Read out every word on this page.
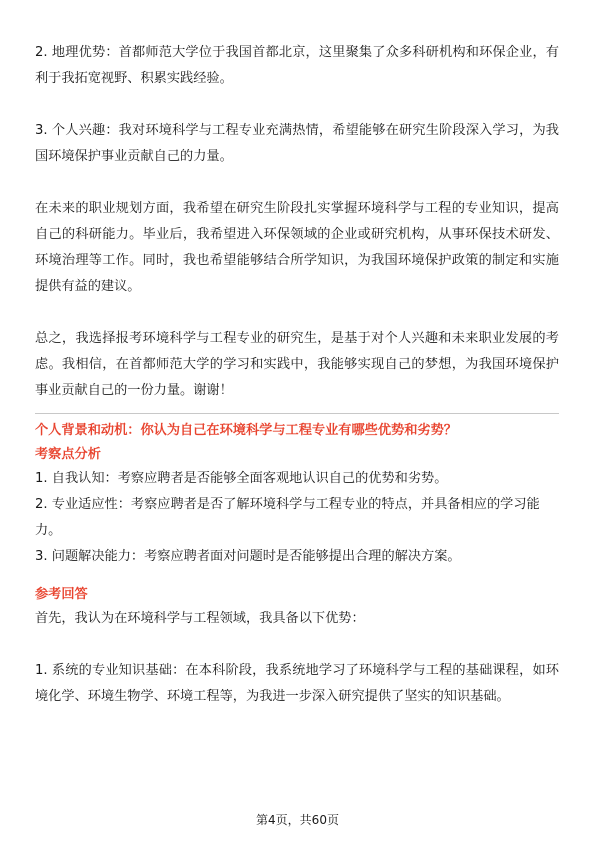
2. 地理优势：首都师范大学位于我国首都北京，这里聚集了众多科研机构和环保企业，有利于我拓宽视野、积累实践经验。

3. 个人兴趣：我对环境科学与工程专业充满热情，希望能够在研究生阶段深入学习，为我国环境保护事业贡献自己的力量。

在未来的职业规划方面，我希望在研究生阶段扎实掌握环境科学与工程的专业知识，提高自己的科研能力。毕业后，我希望进入环保领域的企业或研究机构，从事环保技术研发、环境治理等工作。同时，我也希望能够结合所学知识，为我国环境保护政策的制定和实施提供有益的建议。

总之，我选择报考环境科学与工程专业的研究生，是基于对个人兴趣和未来职业发展的考虑。我相信，在首都师范大学的学习和实践中，我能够实现自己的梦想，为我国环境保护事业贡献自己的一份力量。谢谢！

个人背景和动机：你认为自己在环境科学与工程专业有哪些优势和劣势？

考察点分析

1. 自我认知：考察应聘者是否能够全面客观地认识自己的优势和劣势。

2. 专业适应性：考察应聘者是否了解环境科学与工程专业的特点，并具备相应的学习能力。

3. 问题解决能力：考察应聘者面对问题时是否能够提出合理的解决方案。

参考回答

首先，我认为在环境科学与工程领域，我具备以下优势：

1. 系统的专业知识基础：在本科阶段，我系统地学习了环境科学与工程的基础课程，如环境化学、环境生物学、环境工程等，为我进一步深入研究提供了坚实的知识基础。

第4页，共60页
